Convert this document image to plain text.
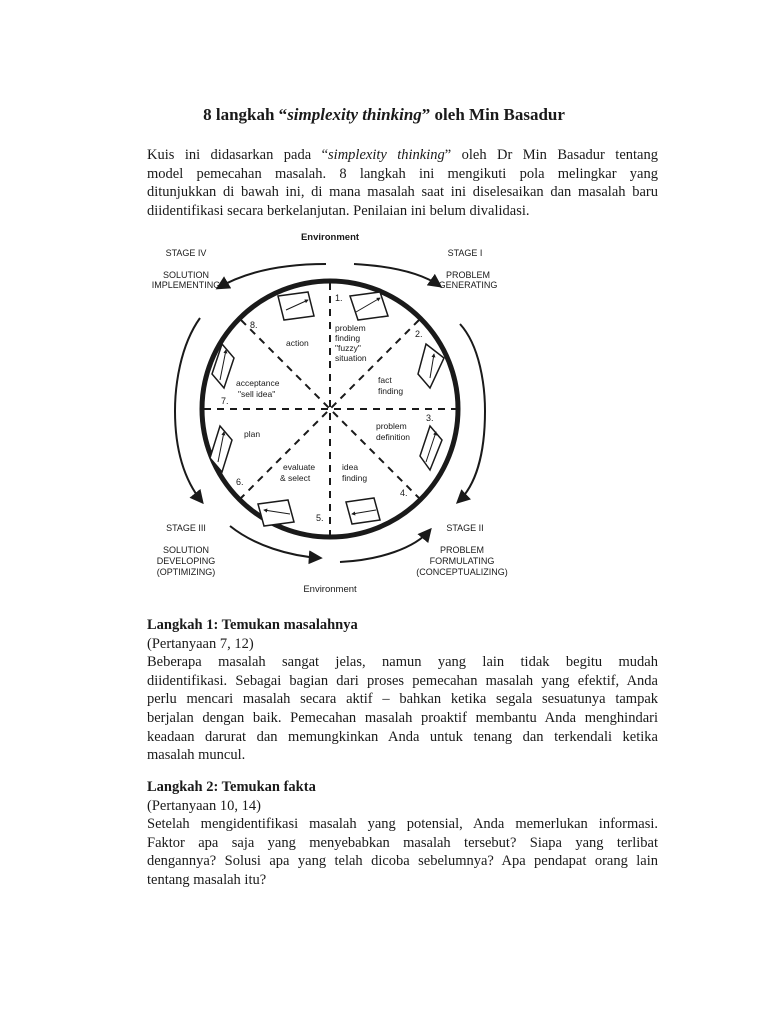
8 langkah “simplexity thinking” oleh Min Basadur
Kuis ini didasarkan pada “simplexity thinking” oleh Dr Min Basadur tentang
model pemecahan masalah. 8 langkah ini mengikuti pola melingkar yang
ditunjukkan di bawah ini, di mana masalah saat ini diselesaikan dan masalah baru
diidentifikasi secara berkelanjutan. Penilaian ini belum divalidasi.
Environment
Environment
STAGE I
PROBLEM
GENERATING
STAGE II
PROBLEM
FORMULATING
(CONCEPTUALIZING)
STAGE III
SOLUTION
DEVELOPING
(OPTIMIZING)
STAGE IV
SOLUTION
IMPLEMENTING
1.
2.
3.
4.
5.
6.
7.
8.	problem
finding
"fuzzy"
situation
fact
finding
problem
definition
idea
finding
evaluate
& select
plan
acceptance
"sell idea"
action
Langkah 1: Temukan masalahnya
(Pertanyaan 7, 12)
Beberapa masalah sangat jelas, namun yang lain tidak begitu mudah
diidentifikasi. Sebagai bagian dari proses pemecahan masalah yang efektif, Anda
perlu mencari masalah secara aktif – bahkan ketika segala sesuatunya tampak
berjalan dengan baik. Pemecahan masalah proaktif membantu Anda menghindari
keadaan darurat dan memungkinkan Anda untuk tenang dan terkendali ketika
masalah muncul.
Langkah 2: Temukan fakta
(Pertanyaan 10, 14)
Setelah mengidentifikasi masalah yang potensial, Anda memerlukan informasi.
Faktor apa saja yang menyebabkan masalah tersebut? Siapa yang terlibat
dengannya? Solusi apa yang telah dicoba sebelumnya? Apa pendapat orang lain
tentang masalah itu?
